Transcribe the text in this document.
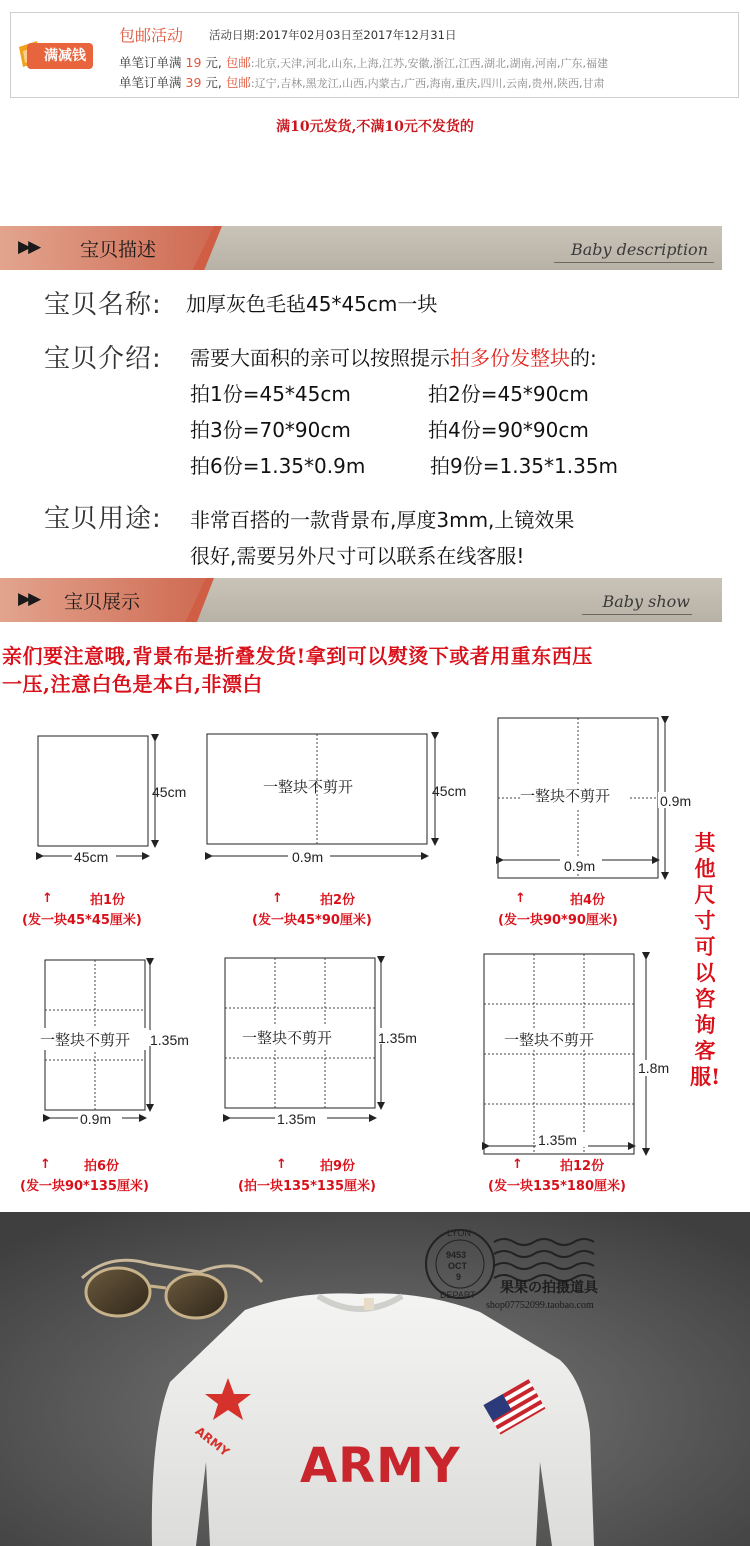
满减钱
包邮活动 活动日期:2017年02月03日至2017年12月31日
单笔订单满 19 元, 包邮:北京,天津,河北,山东,上海,江苏,安徽,浙江,江西,湖北,湖南,河南,广东,福建
单笔订单满 39 元, 包邮:辽宁,吉林,黑龙江,山西,内蒙古,广西,海南,重庆,四川,云南,贵州,陕西,甘肃
满10元发货,不满10元不发货的
▶▶ 宝贝描述	Baby description
宝贝名称: 加厚灰色毛毡45*45cm一块
宝贝介绍: 需要大面积的亲可以按照提示拍多份发整块的:
拍1份=45*45cm	拍2份=45*90cm
拍3份=70*90cm	拍4份=90*90cm
拍6份=1.35*0.9m	拍9份=1.35*1.35m
宝贝用途: 非常百搭的一款背景布,厚度3mm,上镜效果
很好,需要另外尺寸可以联系在线客服!
▶▶ 宝贝展示	Baby show
亲们要注意哦,背景布是折叠发货!拿到可以熨烫下或者用重东西压
一压,注意白色是本白,非漂白
45cm
45cm
↑	拍1份
(发一块45*45厘米)
一整块不剪开	45cm
0.9m
↑	拍2份
(发一块45*90厘米)
一整块不剪开	0.9m
0.9m
↑	拍4份
(发一块90*90厘米)
一整块不剪开 1.35m
0.9m
↑	拍6份
(发一块90*135厘米)
一整块不剪开	1.35m
1.35m
↑	拍9份
(拍一块135*135厘米)
一整块不剪开
1.8m
1.35m
↑	拍12份
(发一块135*180厘米)
其他尺寸可以咨询客服!
LYON
9453
OCT
9
DEPART 果果の拍摄道具
shop07752099.taobao.com
ARMY ARMY
